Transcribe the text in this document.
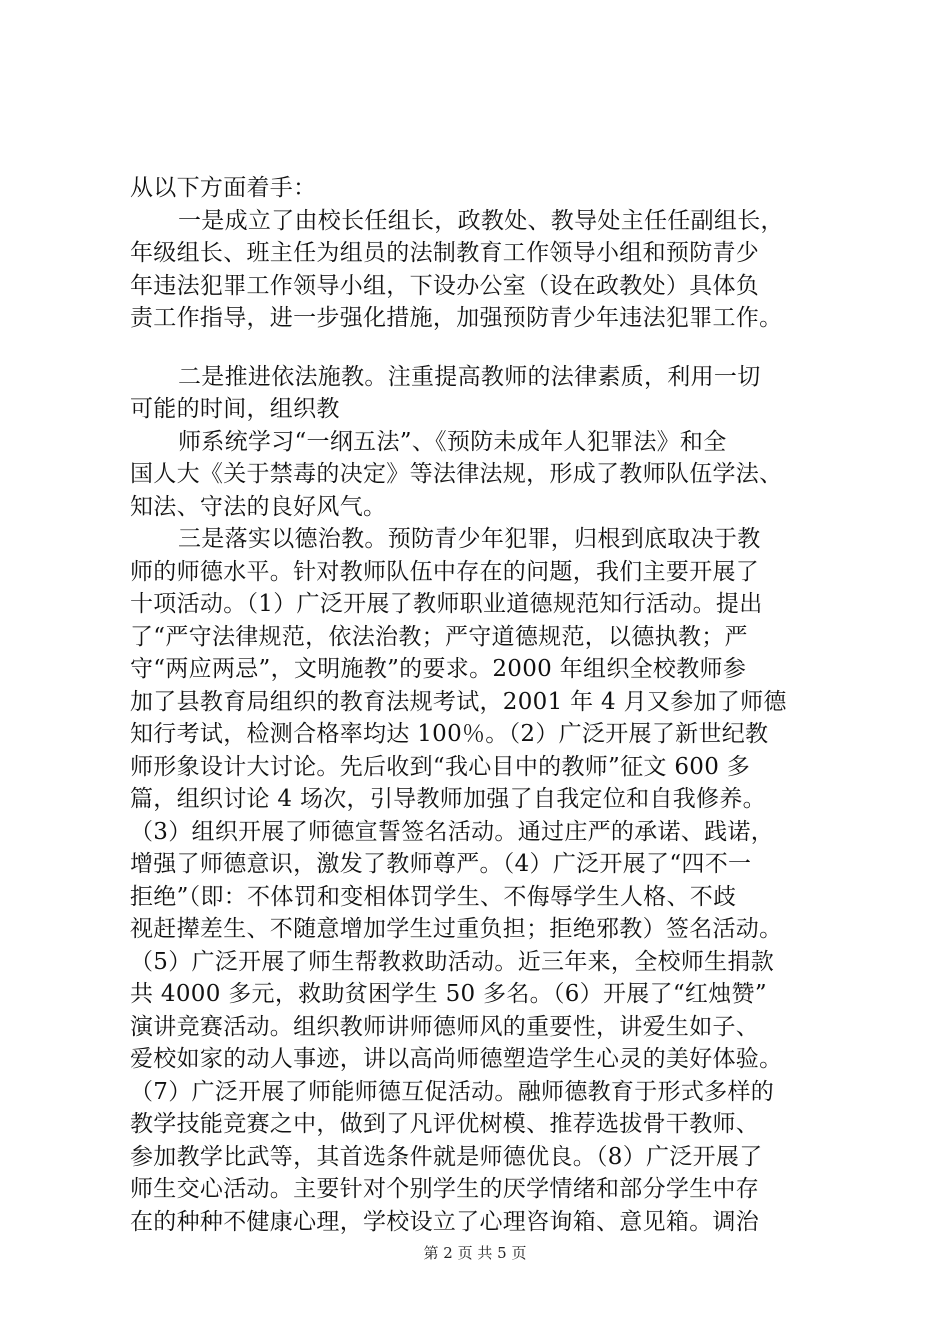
从以下方面着手：
一是成立了由校长任组长，政教处、教导处主任任副组长，
年级组长、班主任为组员的法制教育工作领导小组和预防青少
年违法犯罪工作领导小组，下设办公室（设在政教处）具体负
责工作指导，进一步强化措施，加强预防青少年违法犯罪工作。
二是推进依法施教。注重提高教师的法律素质，利用一切
可能的时间，组织教
师系统学习“一纲五法”、《预防未成年人犯罪法》和全
国人大《关于禁毒的决定》等法律法规，形成了教师队伍学法、
知法、守法的良好风气。
三是落实以德治教。预防青少年犯罪，归根到底取决于教
师的师德水平。针对教师队伍中存在的问题，我们主要开展了
十项活动。（1）广泛开展了教师职业道德规范知行活动。提出
了“严守法律规范，依法治教；严守道德规范，以德执教；严
守“两应两忌”，文明施教”的要求。2000 年组织全校教师参
加了县教育局组织的教育法规考试，2001 年 4 月又参加了师德
知行考试，检测合格率均达 100％。（2）广泛开展了新世纪教
师形象设计大讨论。先后收到“我心目中的教师”征文 600 多
篇，组织讨论 4 场次，引导教师加强了自我定位和自我修养。
（3）组织开展了师德宣誓签名活动。通过庄严的承诺、践诺，
增强了师德意识，激发了教师尊严。（4）广泛开展了“四不一
拒绝”（即：不体罚和变相体罚学生、不侮辱学生人格、不歧
视赶撵差生、不随意增加学生过重负担；拒绝邪教）签名活动。
（5）广泛开展了师生帮教救助活动。近三年来，全校师生捐款
共 4000 多元，救助贫困学生 50 多名。（6）开展了“红烛赞”
演讲竞赛活动。组织教师讲师德师风的重要性，讲爱生如子、
爱校如家的动人事迹，讲以高尚师德塑造学生心灵的美好体验。
（7）广泛开展了师能师德互促活动。融师德教育于形式多样的
教学技能竞赛之中，做到了凡评优树模、推荐选拔骨干教师、
参加教学比武等，其首选条件就是师德优良。（8）广泛开展了
师生交心活动。主要针对个别学生的厌学情绪和部分学生中存
在的种种不健康心理，学校设立了心理咨询箱、意见箱。调治
第 2 页 共 5 页
